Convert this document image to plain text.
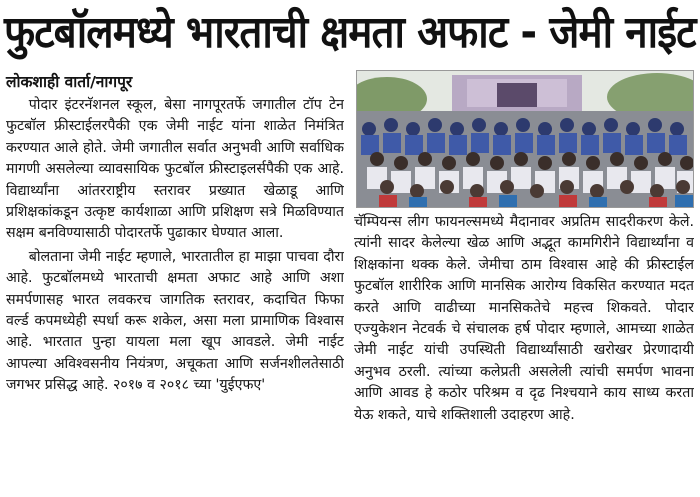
फुटबॉलमध्ये भारताची क्षमता अफाट - जेमी नाईट
लोकशाही वार्ता/नागपूर

पोदार इंटरनॅशनल स्कूल, बेसा नागपूरतर्फे जगातील टॉप टेन फुटबॉल फ्रीस्टाईलरपैकी एक जेमी नाईट यांना शाळेत निमंत्रित करण्यात आले होते. जेमी जगातील सर्वात अनुभवी आणि सर्वाधिक मागणी असलेल्या व्यावसायिक फुटबॉल फ्रीस्टाइलर्सपैकी एक आहे. विद्यार्थ्यांना आंतरराष्ट्रीय स्तरावर प्रख्यात खेळाडू आणि प्रशिक्षकांकडून उत्कृष्ट कार्यशाळा आणि प्रशिक्षण सत्रे मिळविण्यात सक्षम बनविण्यासाठी पोदारतर्फे पुढाकार घेण्यात आला.

बोलताना जेमी नाईट म्हणाले, भारतातील हा माझा पाचवा दौरा आहे. फुटबॉलमध्ये भारताची क्षमता अफाट आहे आणि अशा समर्पणासह भारत लवकरच जागतिक स्तरावर, कदाचित फिफा वर्ल्ड कपमध्येही स्पर्धा करू शकेल, असा मला प्रामाणिक विश्वास आहे. भारतात पुन्हा यायला मला खूप आवडले. जेमी नाईट आपल्या अविश्वसनीय नियंत्रण, अचूकता आणि सर्जनशीलतेसाठी जगभर प्रसिद्ध आहे. २०१७ व २०१८ च्या 'युईएफए'

चॅम्पियन्स लीग फायनल्समध्ये मैदानावर अप्रतिम सादरीकरण केले. त्यांनी सादर केलेल्या खेळ आणि अद्भूत कामगिरीने विद्यार्थ्यांना व शिक्षकांना थक्क केले. जेमीचा ठाम विश्वास आहे की फ्रीस्टाईल फुटबॉल शारीरिक आणि मानसिक आरोग्य विकसित करण्यात मदत करते आणि वाढीच्या मानसिकतेचे महत्त्व शिकवते. पोदार एज्युकेशन नेटवर्क चे संचालक हर्ष पोदार म्हणाले, आमच्या शाळेत जेमी नाईट यांची उपस्थिती विद्यार्थ्यांसाठी खरोखर प्रेरणादायी अनुभव ठरली. त्यांच्या कलेप्रती असलेली त्यांची समर्पण भावना आणि आवड हे कठोर परिश्रम व दृढ निश्चयाने काय साध्य करता येऊ शकते, याचे शक्तिशाली उदाहरण आहे.
